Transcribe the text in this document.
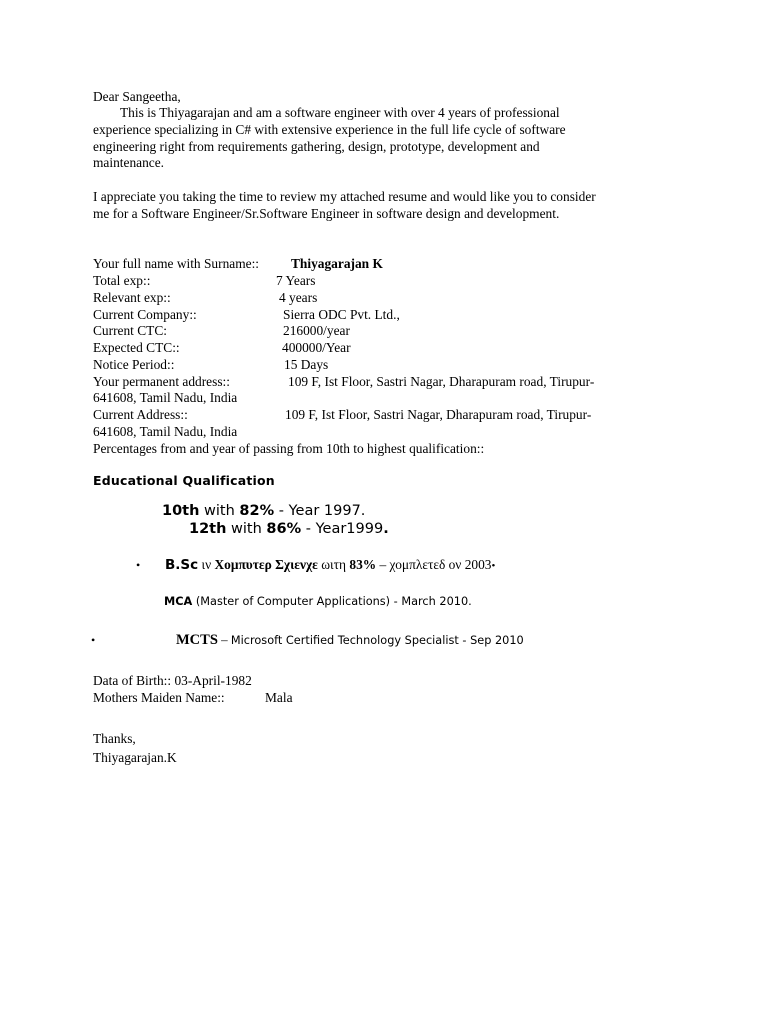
Dear Sangeetha,
This is Thiyagarajan and am a software engineer with over 4 years of professional
experience specializing in C# with extensive experience in the full life cycle of software
engineering right from requirements gathering, design, prototype, development and
maintenance.
I appreciate you taking the time to review my attached resume and would like you to consider
me for a Software Engineer/Sr.Software Engineer in software design and development.
Your full name with Surname:: Thiyagarajan K
Total exp::	7 Years
Relevant exp::	4 years
Current Company::	Sierra ODC Pvt. Ltd.,
Current CTC:	216000/year
Expected CTC::	400000/Year
Notice Period::	15 Days
Your permanent address::	109 F, Ist Floor, Sastri Nagar, Dharapuram road, Tirupur-
641608, Tamil Nadu, India
Current Address::	109 F, Ist Floor, Sastri Nagar, Dharapuram road, Tirupur-
641608, Tamil Nadu, India
Percentages from and year of passing from 10th to highest qualification::
Educational Qualification
10th with 82% - Year 1997.
12th with 86% - Year1999.
• B.Sc ιν Χομπυτερ Σχιενχε ωιτη 83% – χομπλετεδ ον 2003•
MCA (Master of Computer Applications) - March 2010.
•	MCTS – Microsoft Certified Technology Specialist - Sep 2010
Data of Birth:: 03-April-1982
Mothers Maiden Name::	Mala
Thanks,
Thiyagarajan.K
